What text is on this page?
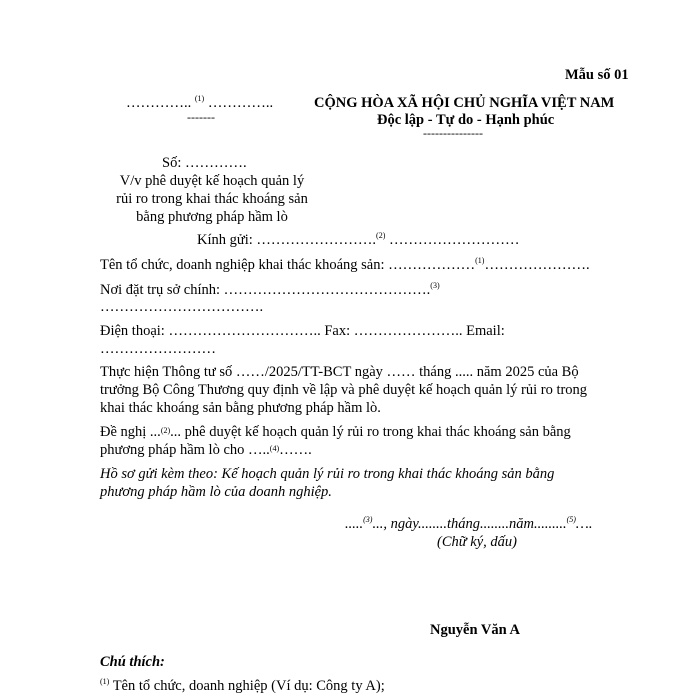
Mẫu số 01
………….. $^{(1)}$ …………..
-------
CỘNG HÒA XÃ HỘI CHỦ NGHĨA VIỆT NAM
Độc lập - Tự do - Hạnh phúc
---------------
Số: ………….
V/v phê duyệt kế hoạch quản lý
rủi ro trong khai thác khoáng sản
bằng phương pháp hầm lò
Kính gửi: …………………….$^{(2)}$ ………………………
Tên tổ chức, doanh nghiệp khai thác khoáng sản: ………………$^{(1)}$………………….
Nơi đặt trụ sở chính: …………………………………….$^{(3)}$
…………………………….
Điện thoại: ………………………….. Fax: ………………….. Email:
……………………
Thực hiện Thông tư số ……/2025/TT-BCT ngày …… tháng ..... năm 2025 của Bộ trưởng Bộ Công Thương quy định về lập và phê duyệt kế hoạch quản lý rủi ro trong khai thác khoáng sản bằng phương pháp hầm lò.
Đề nghị ...$^{(2)}$... phê duyệt kế hoạch quản lý rủi ro trong khai thác khoáng sản bằng phương pháp hầm lò cho …..$^{(4)}$…….
Hồ sơ gửi kèm theo: Kế hoạch quản lý rủi ro trong khai thác khoáng sản bằng phương pháp hầm lò của doanh nghiệp.
.....$^{(3)}$..., ngày........tháng........năm.........$^{(5)}$….
(Chữ ký, dấu)
Nguyễn Văn A
Chú thích:
$^{(1)}$ Tên tổ chức, doanh nghiệp (Ví dụ: Công ty A);
